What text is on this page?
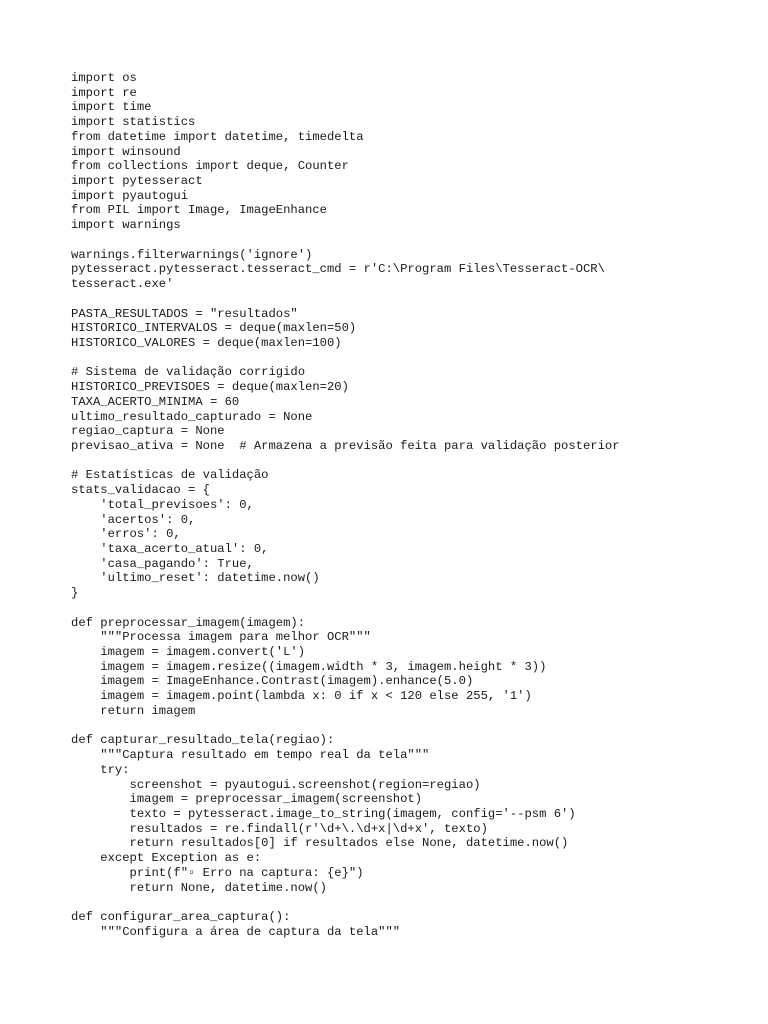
import os
import re
import time
import statistics
from datetime import datetime, timedelta
import winsound
from collections import deque, Counter
import pytesseract
import pyautogui
from PIL import Image, ImageEnhance
import warnings
warnings.filterwarnings('ignore')
pytesseract.pytesseract.tesseract_cmd = r'C:\Program Files\Tesseract-OCR\
tesseract.exe'
PASTA_RESULTADOS = "resultados"
HISTORICO_INTERVALOS = deque(maxlen=50)
HISTORICO_VALORES = deque(maxlen=100)
# Sistema de validação corrigido
HISTORICO_PREVISOES = deque(maxlen=20)
TAXA_ACERTO_MINIMA = 60
ultimo_resultado_capturado = None
regiao_captura = None
previsao_ativa = None  # Armazena a previsão feita para validação posterior
# Estatísticas de validação
stats_validacao = {
'total_previsoes': 0,
'acertos': 0,
'erros': 0,
'taxa_acerto_atual': 0,
'casa_pagando': True,
'ultimo_reset': datetime.now()
}
def preprocessar_imagem(imagem):
"""Processa imagem para melhor OCR"""
imagem = imagem.convert('L')
imagem = imagem.resize((imagem.width * 3, imagem.height * 3))
imagem = ImageEnhance.Contrast(imagem).enhance(5.0)
imagem = imagem.point(lambda x: 0 if x < 120 else 255, '1')
return imagem
def capturar_resultado_tela(regiao):
"""Captura resultado em tempo real da tela"""
try:
screenshot = pyautogui.screenshot(region=regiao)
imagem = preprocessar_imagem(screenshot)
texto = pytesseract.image_to_string(imagem, config='--psm 6')
resultados = re.findall(r'\d+\.\d+x|\d+x', texto)
return resultados[0] if resultados else None, datetime.now()
except Exception as e:
print(f"▫ Erro na captura: {e}")
return None, datetime.now()
def configurar_area_captura():
"""Configura a área de captura da tela"""
